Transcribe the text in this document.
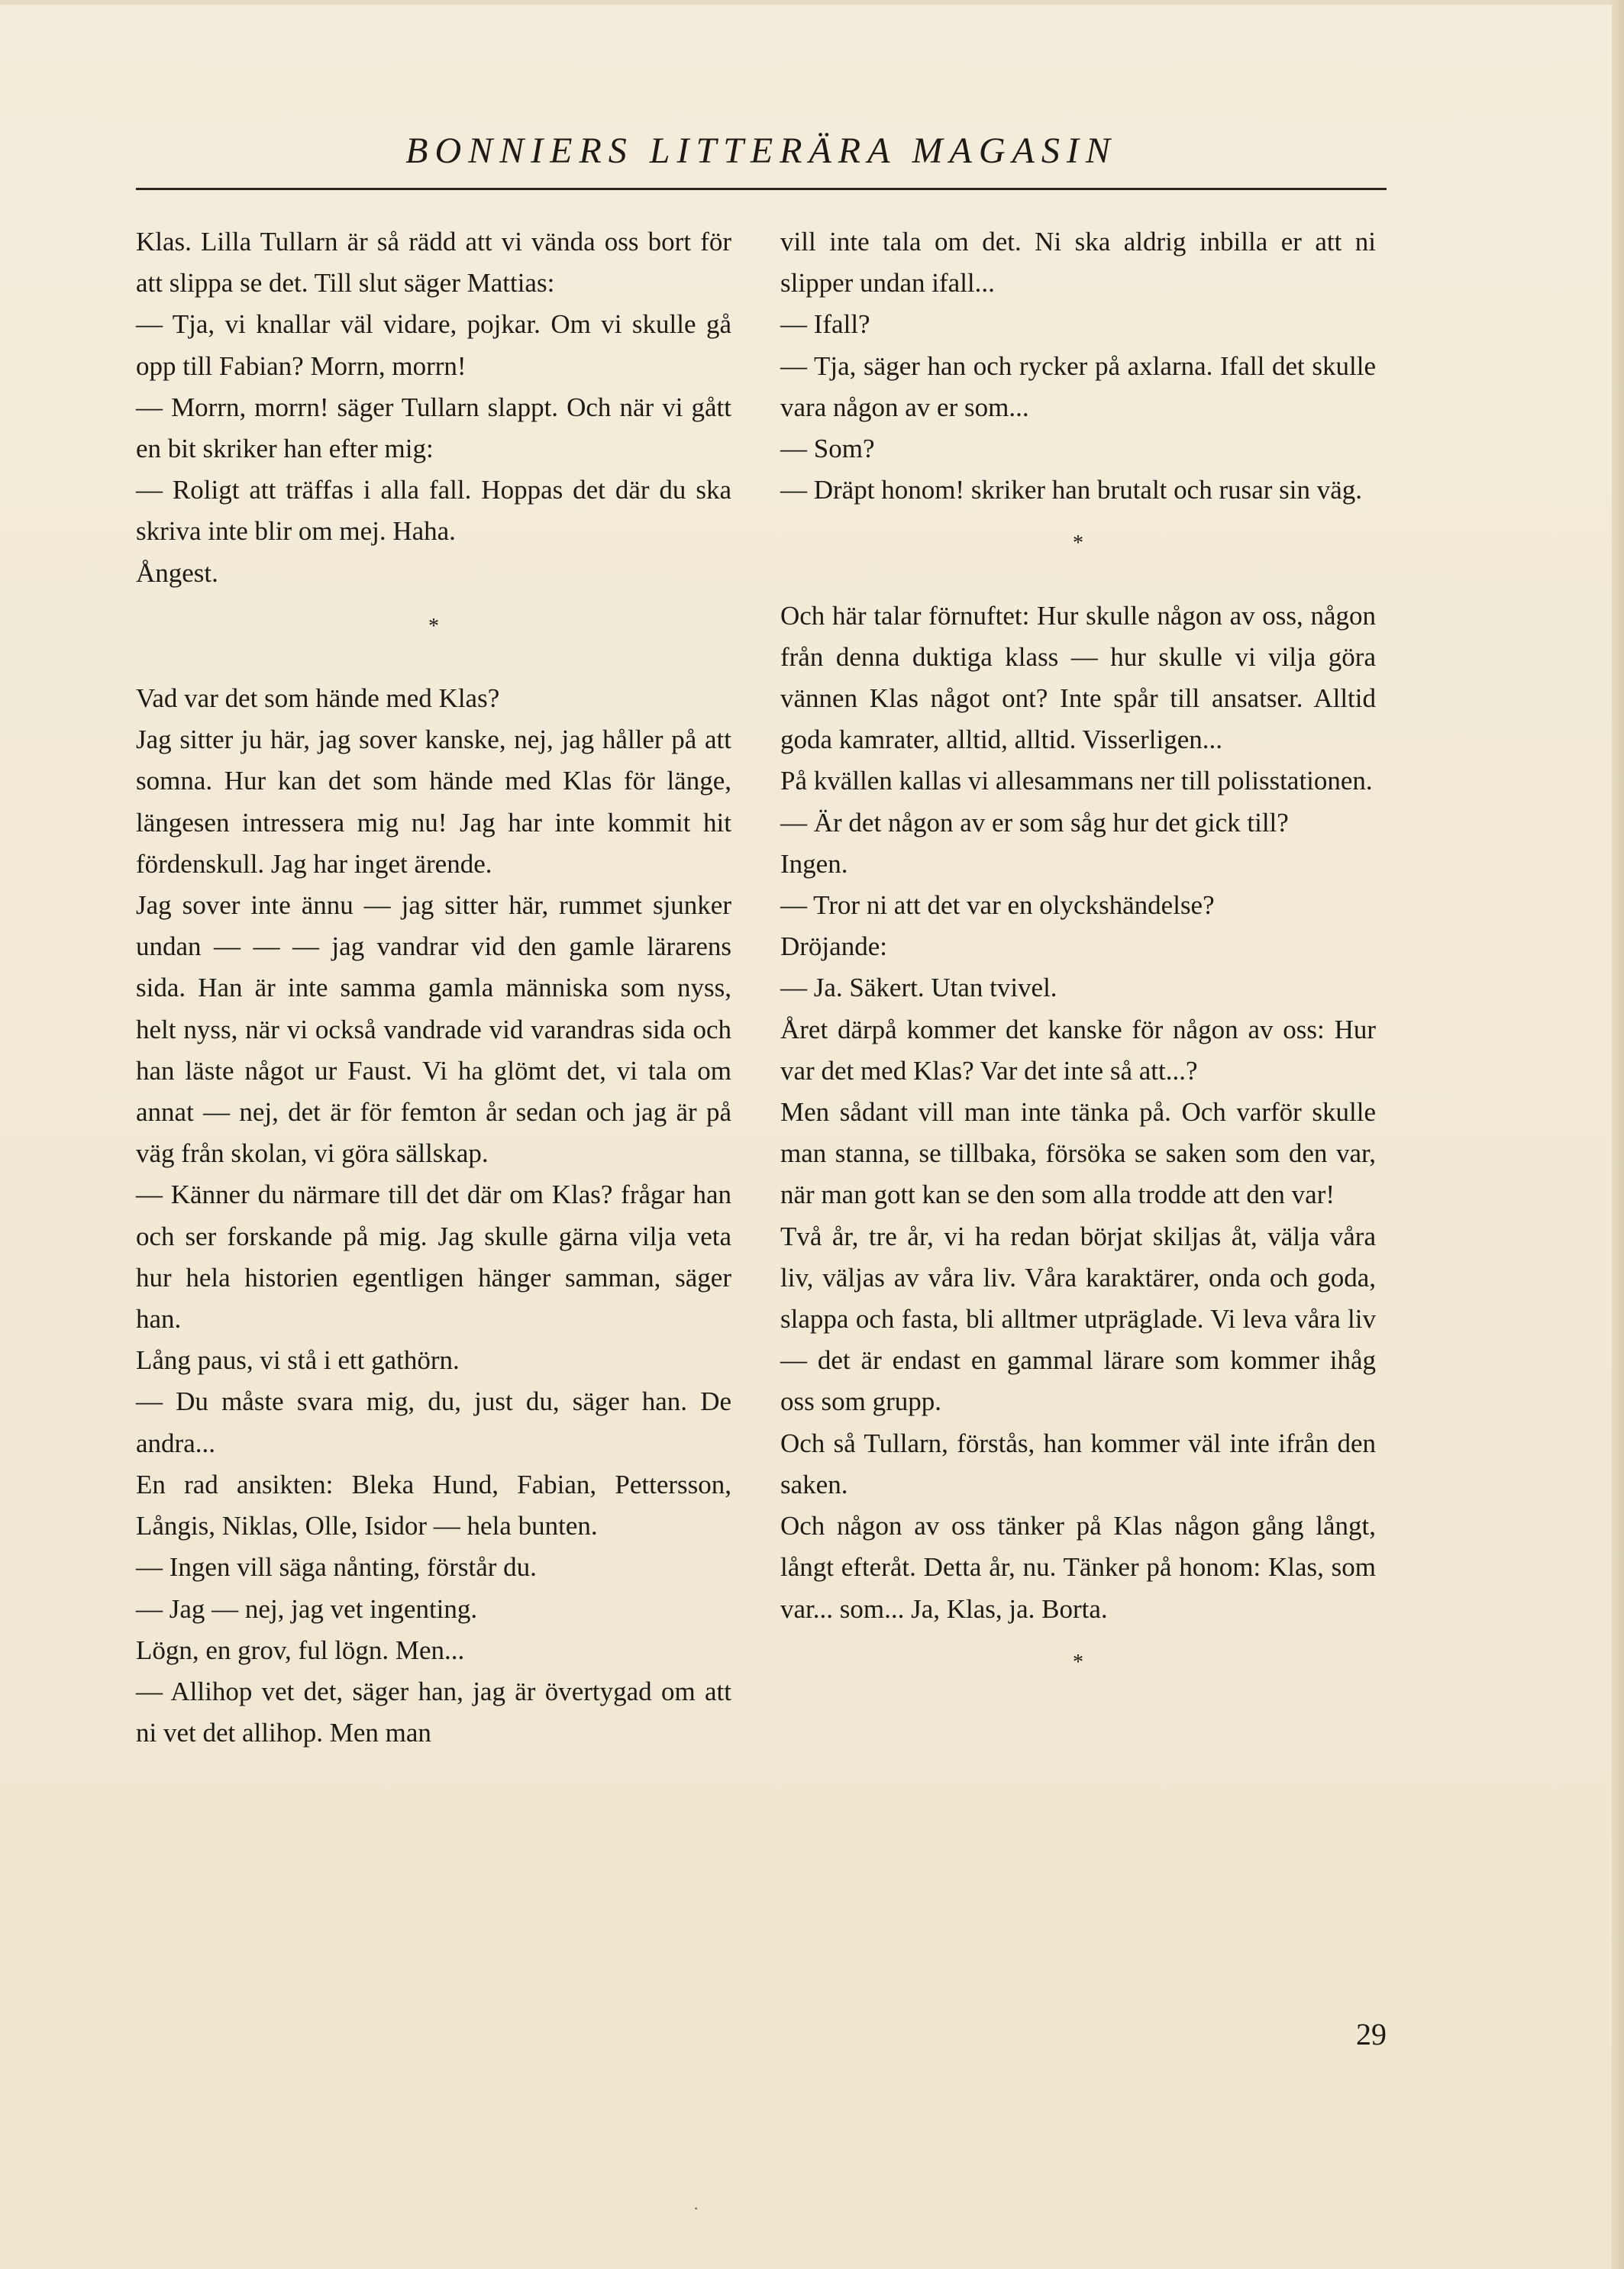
BONNIERS LITTERÄRA MAGASIN

Klas. Lilla Tullarn är så rädd att vi vända oss bort för att slippa se det. Till slut säger Mattias:

— Tja, vi knallar väl vidare, pojkar. Om vi skulle gå opp till Fabian? Morrn, morrn!

— Morrn, morrn! säger Tullarn slappt. Och när vi gått en bit skriker han efter mig:

— Roligt att träffas i alla fall. Hoppas det där du ska skriva inte blir om mej. Haha.

Ångest.

*

Vad var det som hände med Klas?

Jag sitter ju här, jag sover kanske, nej, jag håller på att somna. Hur kan det som hände med Klas för länge, längesen intressera mig nu! Jag har inte kommit hit fördenskull. Jag har inget ärende.

Jag sover inte ännu — jag sitter här, rummet sjunker undan — — — jag vandrar vid den gamle lärarens sida. Han är inte samma gamla människa som nyss, helt nyss, när vi också vandrade vid varandras sida och han läste något ur Faust. Vi ha glömt det, vi tala om annat — nej, det är för femton år sedan och jag är på väg från skolan, vi göra sällskap.

— Känner du närmare till det där om Klas? frågar han och ser forskande på mig. Jag skulle gärna vilja veta hur hela historien egentligen hänger samman, säger han.

Lång paus, vi stå i ett gathörn.

— Du måste svara mig, du, just du, säger han. De andra...

En rad ansikten: Bleka Hund, Fabian, Pettersson, Långis, Niklas, Olle, Isidor — hela bunten.

— Ingen vill säga nånting, förstår du.

— Jag — nej, jag vet ingenting.

Lögn, en grov, ful lögn. Men...

— Allihop vet det, säger han, jag är övertygad om att ni vet det allihop. Men man

vill inte tala om det. Ni ska aldrig inbilla er att ni slipper undan ifall...

— Ifall?

— Tja, säger han och rycker på axlarna. Ifall det skulle vara någon av er som...

— Som?

— Dräpt honom! skriker han brutalt och rusar sin väg.

*

Och här talar förnuftet: Hur skulle någon av oss, någon från denna duktiga klass — hur skulle vi vilja göra vännen Klas något ont? Inte spår till ansatser. Alltid goda kamrater, alltid, alltid. Visserligen...

På kvällen kallas vi allesammans ner till polisstationen.

— Är det någon av er som såg hur det gick till?

Ingen.

— Tror ni att det var en olyckshändelse?

Dröjande:

— Ja. Säkert. Utan tvivel.

Året därpå kommer det kanske för någon av oss: Hur var det med Klas? Var det inte så att...?

Men sådant vill man inte tänka på. Och varför skulle man stanna, se tillbaka, försöka se saken som den var, när man gott kan se den som alla trodde att den var!

Två år, tre år, vi ha redan börjat skiljas åt, välja våra liv, väljas av våra liv. Våra karaktärer, onda och goda, slappa och fasta, bli alltmer utpräglade. Vi leva våra liv — det är endast en gammal lärare som kommer ihåg oss som grupp.

Och så Tullarn, förstås, han kommer väl inte ifrån den saken.

Och någon av oss tänker på Klas någon gång långt, långt efteråt. Detta år, nu. Tänker på honom: Klas, som var... som... Ja, Klas, ja. Borta.

*

29
·
